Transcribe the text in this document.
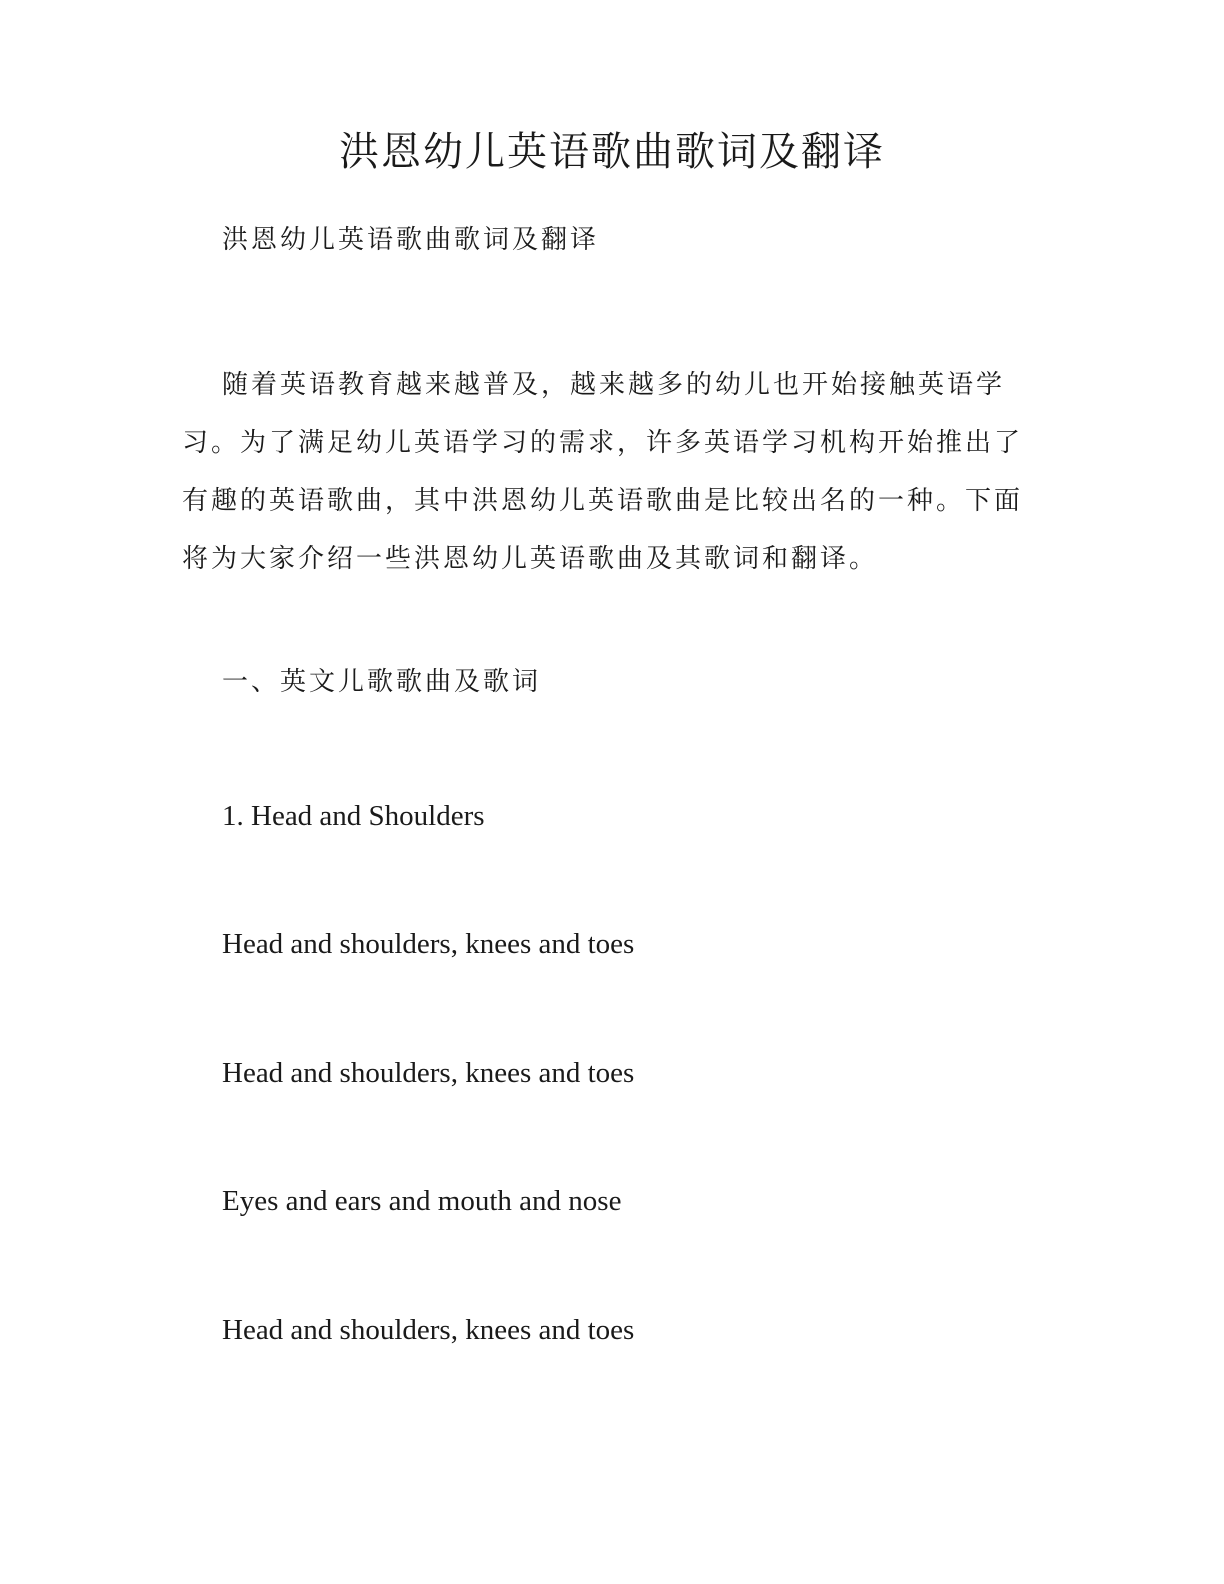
洪恩幼儿英语歌曲歌词及翻译

洪恩幼儿英语歌曲歌词及翻译

随着英语教育越来越普及，越来越多的幼儿也开始接触英语学习。为了满足幼儿英语学习的需求，许多英语学习机构开始推出了有趣的英语歌曲，其中洪恩幼儿英语歌曲是比较出名的一种。下面将为大家介绍一些洪恩幼儿英语歌曲及其歌词和翻译。

一、英文儿歌歌曲及歌词

1. Head and Shoulders

Head and shoulders, knees and toes

Head and shoulders, knees and toes

Eyes and ears and mouth and nose

Head and shoulders, knees and toes
